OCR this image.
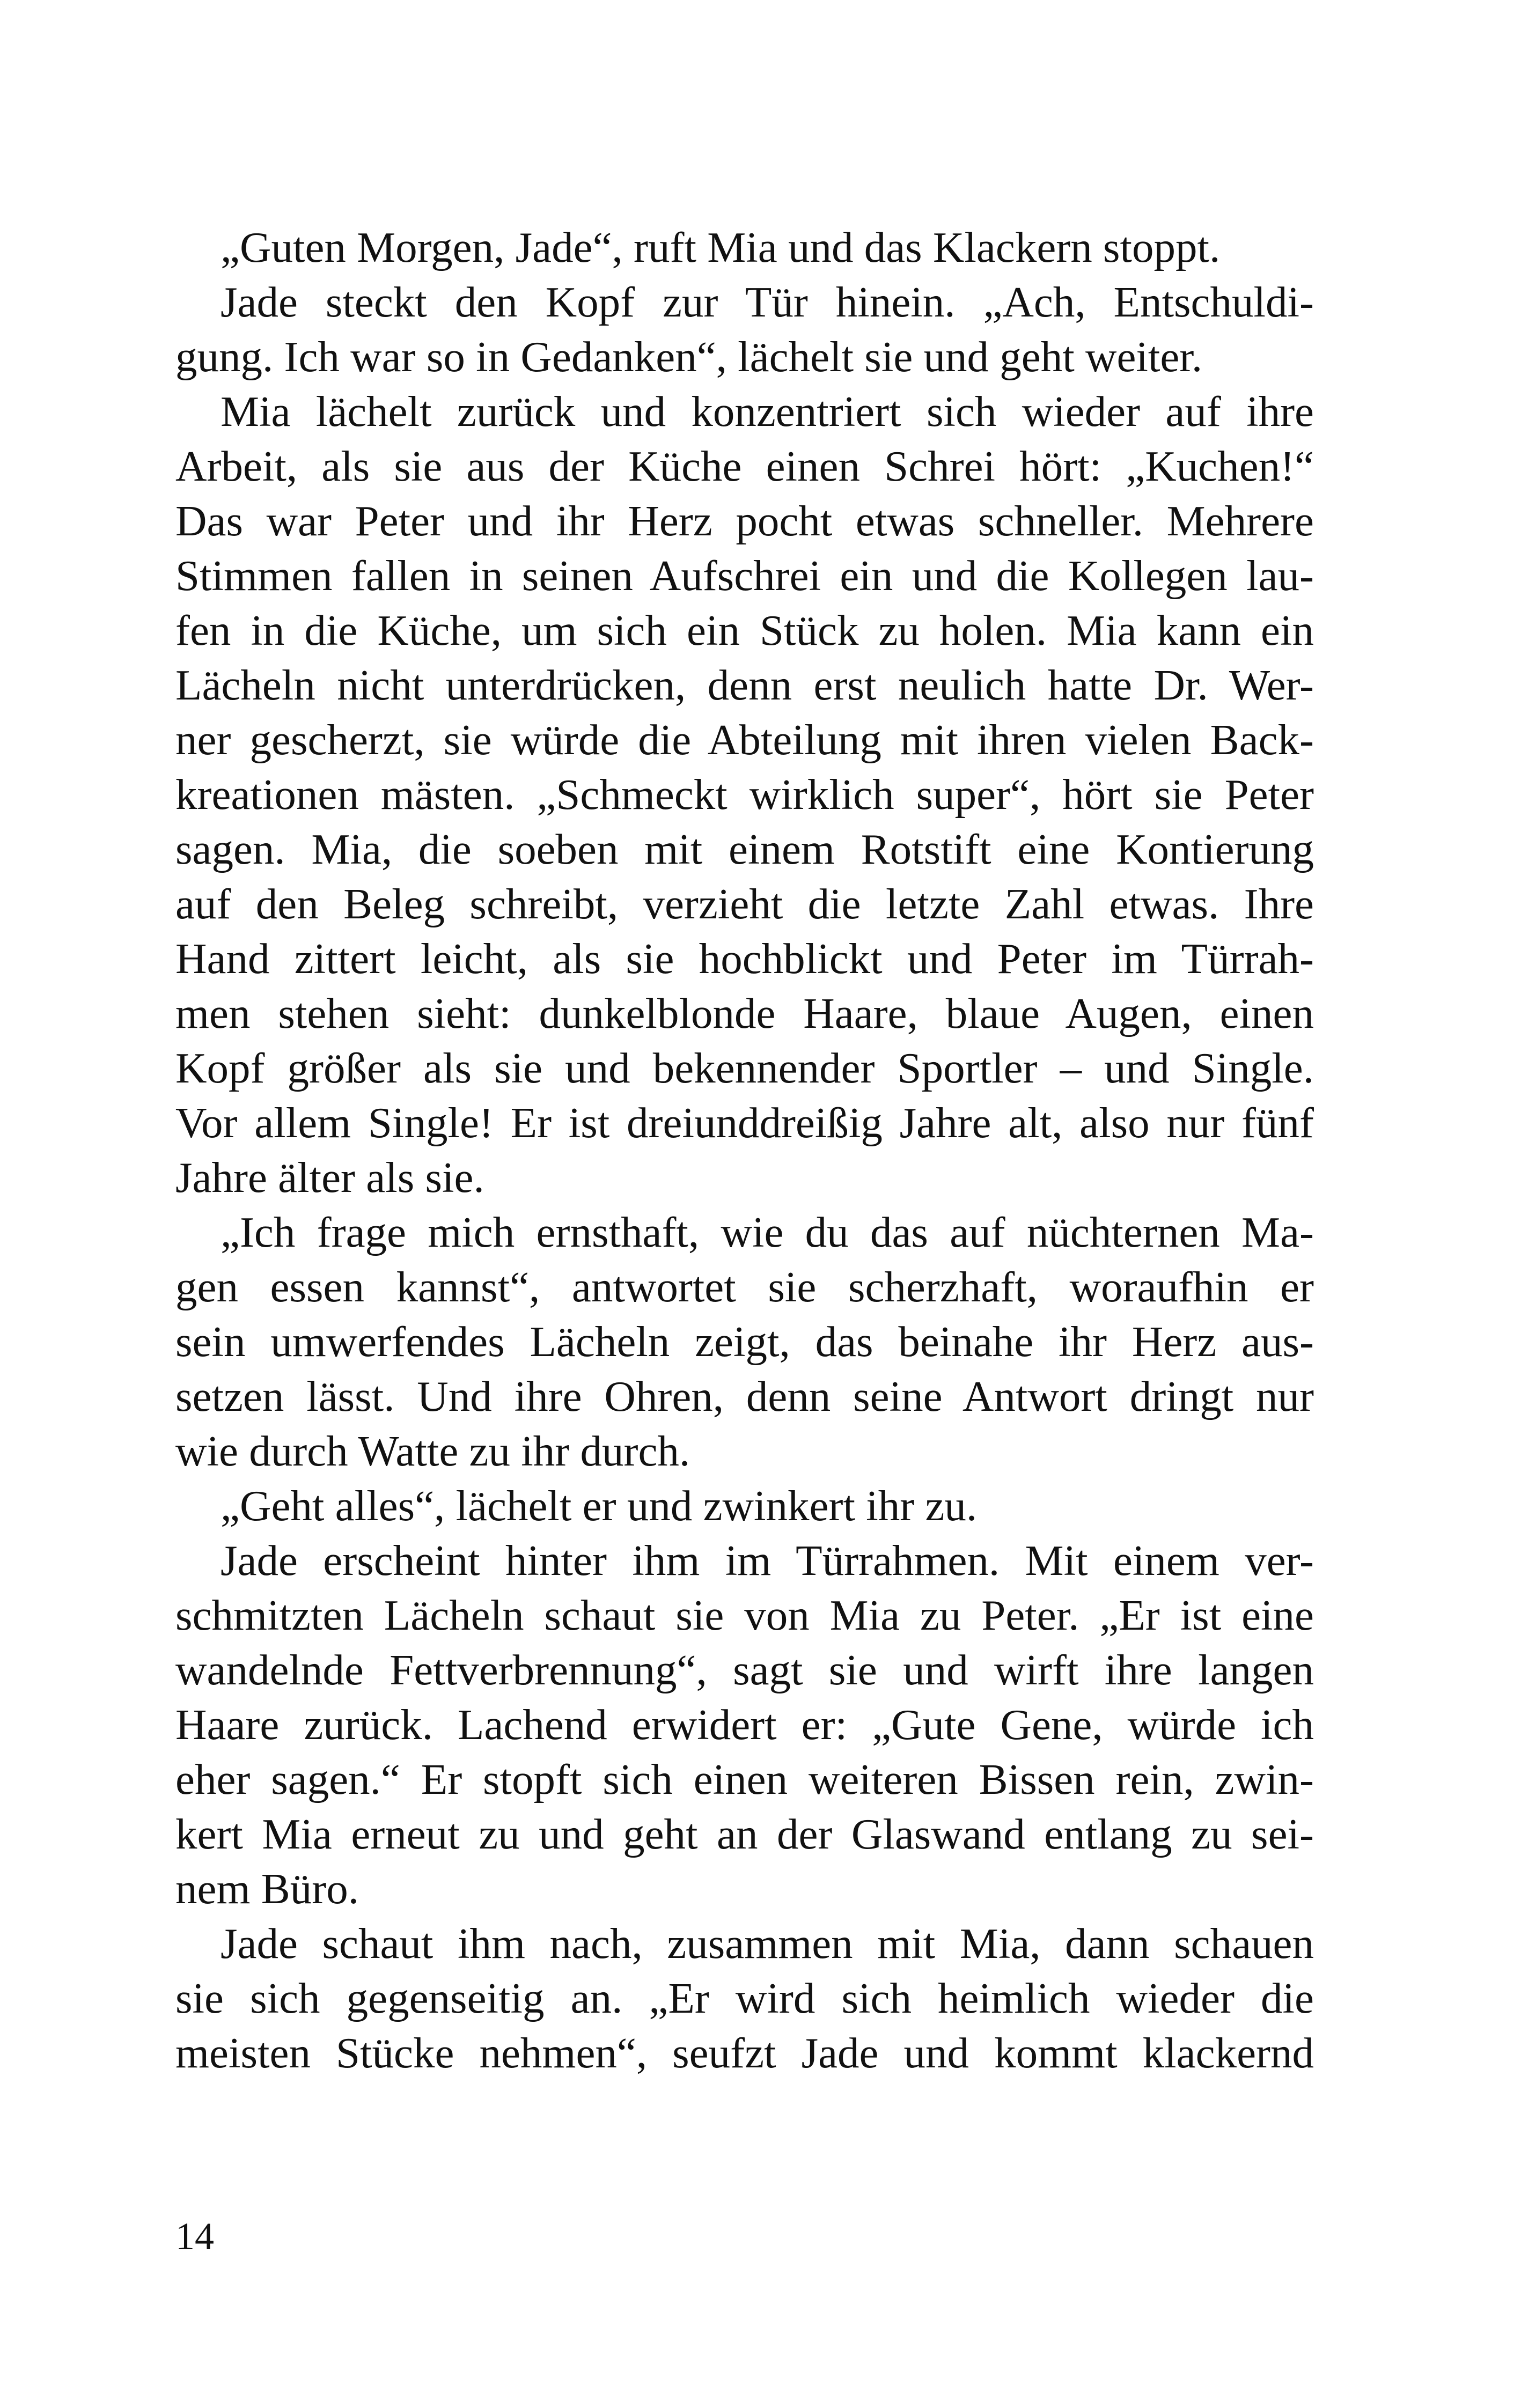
„Guten Morgen, Jade“, ruft Mia und das Klackern stoppt.
Jade steckt den Kopf zur Tür hinein. „Ach, Entschuldi-
gung. Ich war so in Gedanken“, lächelt sie und geht weiter.
Mia lächelt zurück und konzentriert sich wieder auf ihre
Arbeit, als sie aus der Küche einen Schrei hört: „Kuchen!“
Das war Peter und ihr Herz pocht etwas schneller. Mehrere
Stimmen fallen in seinen Aufschrei ein und die Kollegen lau-
fen in die Küche, um sich ein Stück zu holen. Mia kann ein
Lächeln nicht unterdrücken, denn erst neulich hatte Dr. Wer-
ner gescherzt, sie würde die Abteilung mit ihren vielen Back-
kreationen mästen. „Schmeckt wirklich super“, hört sie Peter
sagen. Mia, die soeben mit einem Rotstift eine Kontierung
auf den Beleg schreibt, verzieht die letzte Zahl etwas. Ihre
Hand zittert leicht, als sie hochblickt und Peter im Türrah-
men stehen sieht: dunkelblonde Haare, blaue Augen, einen
Kopf größer als sie und bekennender Sportler – und Single.
Vor allem Single! Er ist dreiunddreißig Jahre alt, also nur fünf
Jahre älter als sie.
„Ich frage mich ernsthaft, wie du das auf nüchternen Ma-
gen essen kannst“, antwortet sie scherzhaft, woraufhin er
sein umwerfendes Lächeln zeigt, das beinahe ihr Herz aus-
setzen lässt. Und ihre Ohren, denn seine Antwort dringt nur
wie durch Watte zu ihr durch.
„Geht alles“, lächelt er und zwinkert ihr zu.
Jade erscheint hinter ihm im Türrahmen. Mit einem ver-
schmitzten Lächeln schaut sie von Mia zu Peter. „Er ist eine
wandelnde Fettverbrennung“, sagt sie und wirft ihre langen
Haare zurück. Lachend erwidert er: „Gute Gene, würde ich
eher sagen.“ Er stopft sich einen weiteren Bissen rein, zwin-
kert Mia erneut zu und geht an der Glaswand entlang zu sei-
nem Büro.
Jade schaut ihm nach, zusammen mit Mia, dann schauen
sie sich gegenseitig an. „Er wird sich heimlich wieder die
meisten Stücke nehmen“, seufzt Jade und kommt klackernd
14
